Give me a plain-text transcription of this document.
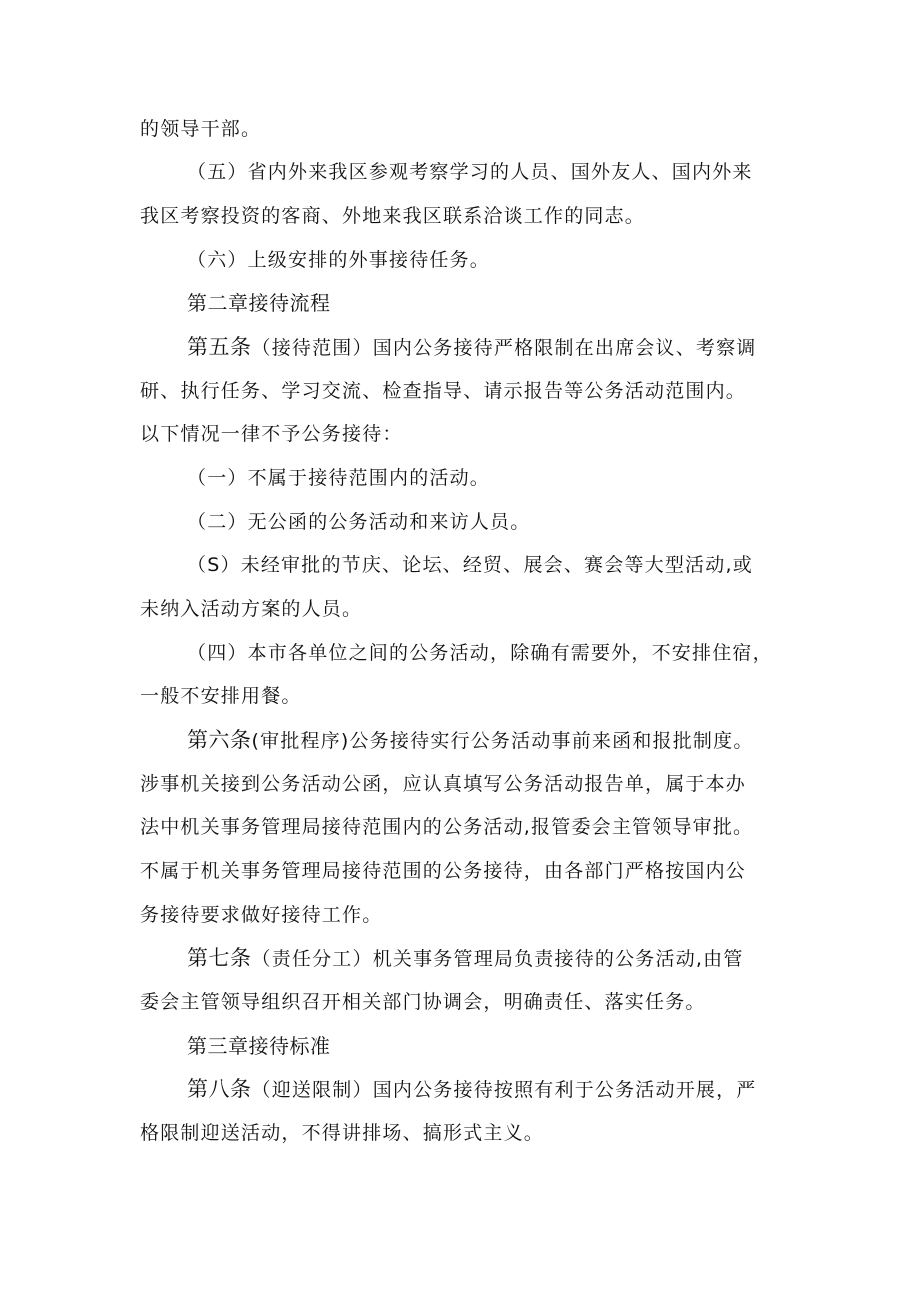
的领导干部。
（五）省内外来我区参观考察学习的人员、国外友人、国内外来
我区考察投资的客商、外地来我区联系洽谈工作的同志。
（六）上级安排的外事接待任务。
第二章接待流程
第五条（接待范围）国内公务接待严格限制在出席会议、考察调
研、执行任务、学习交流、检查指导、请示报告等公务活动范围内。
以下情况一律不予公务接待：
（一）不属于接待范围内的活动。
（二）无公函的公务活动和来访人员。
（S）未经审批的节庆、论坛、经贸、展会、赛会等大型活动,或
未纳入活动方案的人员。
（四）本市各单位之间的公务活动，除确有需要外，不安排住宿，
一般不安排用餐。
第六条(审批程序)公务接待实行公务活动事前来函和报批制度。
涉事机关接到公务活动公函，应认真填写公务活动报告单，属于本办
法中机关事务管理局接待范围内的公务活动,报管委会主管领导审批。
不属于机关事务管理局接待范围的公务接待，由各部门严格按国内公
务接待要求做好接待工作。
第七条（责任分工）机关事务管理局负责接待的公务活动,由管
委会主管领导组织召开相关部门协调会，明确责任、落实任务。
第三章接待标准
第八条（迎送限制）国内公务接待按照有利于公务活动开展，严
格限制迎送活动，不得讲排场、搞形式主义。
